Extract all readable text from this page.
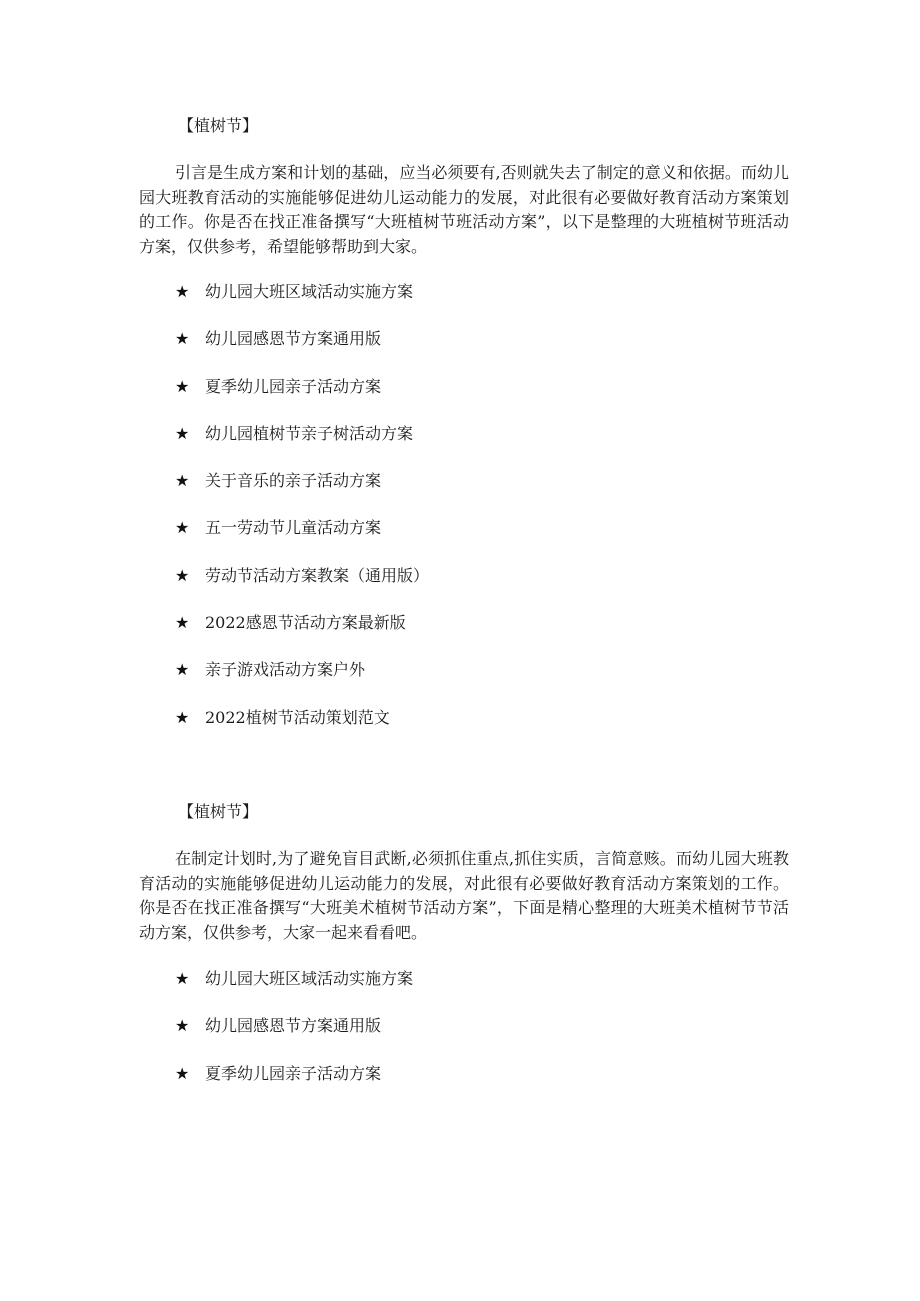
【植树节】

引言是生成方案和计划的基础，应当必须要有,否则就失去了制定的意义和依据。而幼儿园大班教育活动的实施能够促进幼儿运动能力的发展，对此很有必要做好教育活动方案策划的工作。你是否在找正准备撰写“大班植树节班活动方案”，以下是整理的大班植树节班活动方案，仅供参考，希望能够帮助到大家。

★ 幼儿园大班区域活动实施方案
★ 幼儿园感恩节方案通用版
★ 夏季幼儿园亲子活动方案
★ 幼儿园植树节亲子树活动方案
★ 关于音乐的亲子活动方案
★ 五一劳动节儿童活动方案
★ 劳动节活动方案教案（通用版）
★ 2022感恩节活动方案最新版
★ 亲子游戏活动方案户外
★ 2022植树节活动策划范文
【植树节】

在制定计划时,为了避免盲目武断,必须抓住重点,抓住实质，言简意赅。而幼儿园大班教育活动的实施能够促进幼儿运动能力的发展，对此很有必要做好教育活动方案策划的工作。你是否在找正准备撰写“大班美术植树节活动方案”，下面是精心整理的大班美术植树节节活动方案，仅供参考，大家一起来看看吧。

★ 幼儿园大班区域活动实施方案
★ 幼儿园感恩节方案通用版
★ 夏季幼儿园亲子活动方案
